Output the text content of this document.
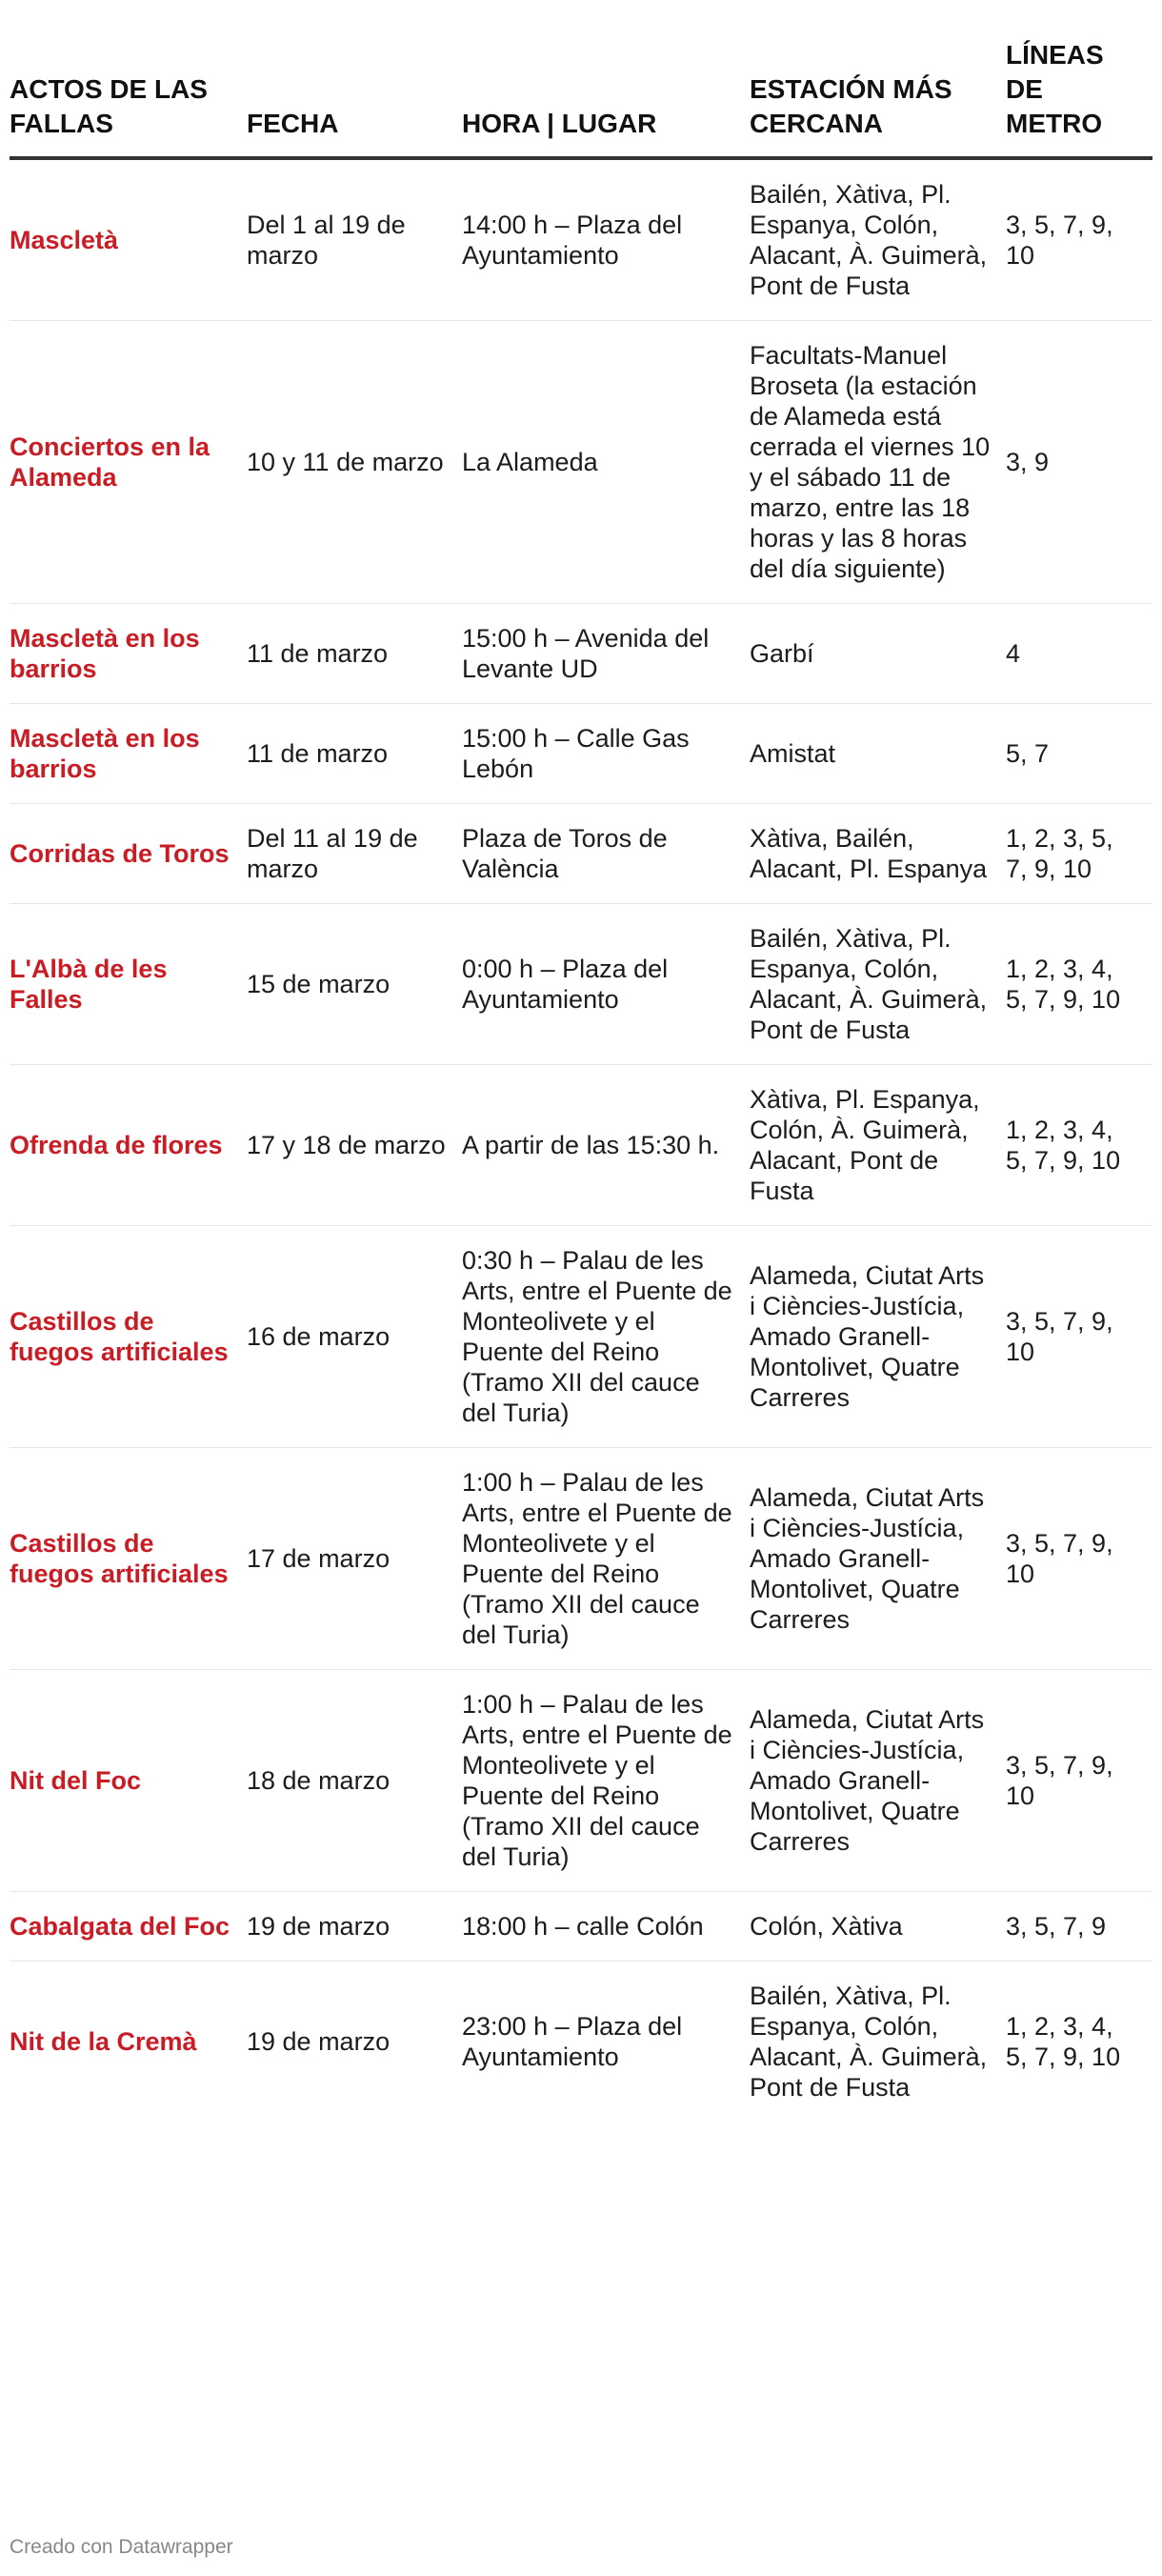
ACTOS DE LAS FALLAS	FECHA	HORA | LUGAR	ESTACIÓN MÁS CERCANA	LÍNEAS DE METRO
Mascletà	Del 1 al 19 de marzo	14:00 h – Plaza del Ayuntamiento	Bailén, Xàtiva, Pl. Espanya, Colón, Alacant, À. Guimerà, Pont de Fusta	3, 5, 7, 9, 10
Conciertos en la Alameda	10 y 11 de marzo	La Alameda	Facultats-Manuel Broseta (la estación de Alameda está cerrada el viernes 10 y el sábado 11 de marzo, entre las 18 horas y las 8 horas del día siguiente)	3, 9
Mascletà en los barrios	11 de marzo	15:00 h – Avenida del Levante UD	Garbí	4
Mascletà en los barrios	11 de marzo	15:00 h – Calle Gas Lebón	Amistat	5, 7
Corridas de Toros	Del 11 al 19 de marzo	Plaza de Toros de València	Xàtiva, Bailén, Alacant, Pl. Espanya	1, 2, 3, 5, 7, 9, 10
L'Albà de les Falles	15 de marzo	0:00 h – Plaza del Ayuntamiento	Bailén, Xàtiva, Pl. Espanya, Colón, Alacant, À. Guimerà, Pont de Fusta	1, 2, 3, 4, 5, 7, 9, 10
Ofrenda de flores	17 y 18 de marzo	A partir de las 15:30 h.	Xàtiva, Pl. Espanya, Colón, À. Guimerà, Alacant, Pont de Fusta	1, 2, 3, 4, 5, 7, 9, 10
Castillos de fuegos artificiales	16 de marzo	0:30 h – Palau de les Arts, entre el Puente de Monteolivete y el Puente del Reino (Tramo XII del cauce del Turia)	Alameda, Ciutat Arts i Ciències-Justícia, Amado Granell-Montolivet, Quatre Carreres	3, 5, 7, 9, 10
Castillos de fuegos artificiales	17 de marzo	1:00 h – Palau de les Arts, entre el Puente de Monteolivete y el Puente del Reino (Tramo XII del cauce del Turia)	Alameda, Ciutat Arts i Ciències-Justícia, Amado Granell-Montolivet, Quatre Carreres	3, 5, 7, 9, 10
Nit del Foc	18 de marzo	1:00 h – Palau de les Arts, entre el Puente de Monteolivete y el Puente del Reino (Tramo XII del cauce del Turia)	Alameda, Ciutat Arts i Ciències-Justícia, Amado Granell-Montolivet, Quatre Carreres	3, 5, 7, 9, 10
Cabalgata del Foc	19 de marzo	18:00 h – calle Colón	Colón, Xàtiva	3, 5, 7, 9
Nit de la Cremà	19 de marzo	23:00 h – Plaza del Ayuntamiento	Bailén, Xàtiva, Pl. Espanya, Colón, Alacant, À. Guimerà, Pont de Fusta	1, 2, 3, 4, 5, 7, 9, 10
Creado con Datawrapper
